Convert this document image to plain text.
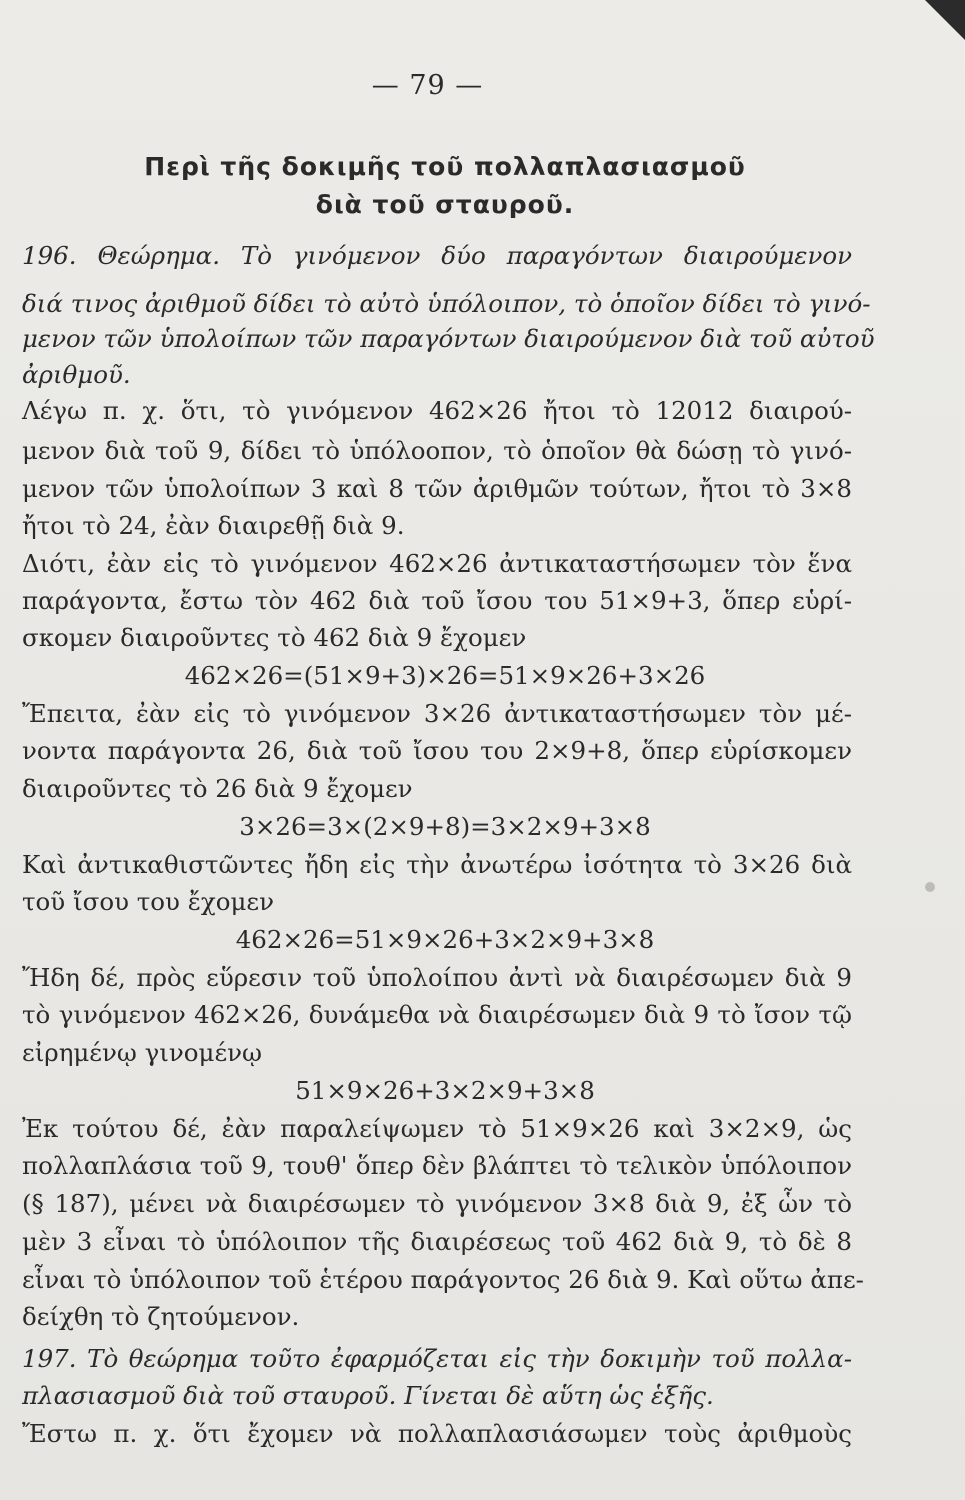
— 79 —
Περὶ τῆς δοκιμῆς τοῦ πολλαπλασιασμοῦ
διὰ τοῦ σταυροῦ.
196. Θεώρημα. Τὸ γινόμενον δύο παραγόντων διαιρούμενον
διά τινος ἀριθμοῦ δίδει τὸ αὐτὸ ὑπόλοιπον, τὸ ὁποῖον δίδει τὸ γινό-
μενον τῶν ὑπολοίπων τῶν παραγόντων διαιρούμενον διὰ τοῦ αὐτοῦ
ἀριθμοῦ.
Λέγω π. χ. ὅτι, τὸ γινόμενον 462×26 ἤτοι τὸ 12012 διαιρού-
μενον διὰ τοῦ 9, δίδει τὸ ὑπόλοοπον, τὸ ὁποῖον θὰ δώσῃ τὸ γινό-
μενον τῶν ὑπολοίπων 3 καὶ 8 τῶν ἀριθμῶν τούτων, ἤτοι τὸ 3×8
ἤτοι τὸ 24, ἐὰν διαιρεθῇ διὰ 9.
Διότι, ἐὰν εἰς τὸ γινόμενον 462×26 ἀντικαταστήσωμεν τὸν ἕνα
παράγοντα, ἔστω τὸν 462 διὰ τοῦ ἴσου του 51×9+3, ὅπερ εὑρί-
σκομεν διαιροῦντες τὸ 462 διὰ 9 ἔχομεν
462×26=(51×9+3)×26=51×9×26+3×26
Ἔπειτα, ἐὰν εἰς τὸ γινόμενον 3×26 ἀντικαταστήσωμεν τὸν μέ-
νοντα παράγοντα 26, διὰ τοῦ ἴσου του 2×9+8, ὅπερ εὑρίσκομεν
διαιροῦντες τὸ 26 διὰ 9 ἔχομεν
3×26=3×(2×9+8)=3×2×9+3×8
Καὶ ἀντικαθιστῶντες ἤδη εἰς τὴν ἀνωτέρω ἰσότητα τὸ 3×26 διὰ
τοῦ ἴσου του ἔχομεν
462×26=51×9×26+3×2×9+3×8
Ἤδη δέ, πρὸς εὕρεσιν τοῦ ὑπολοίπου ἀντὶ νὰ διαιρέσωμεν διὰ 9
τὸ γινόμενον 462×26, δυνάμεθα νὰ διαιρέσωμεν διὰ 9 τὸ ἴσον τῷ
εἰρημένῳ γινομένῳ
51×9×26+3×2×9+3×8
Ἐκ τούτου δέ, ἐὰν παραλείψωμεν τὸ 51×9×26 καὶ 3×2×9, ὡς
πολλαπλάσια τοῦ 9, τουθ' ὅπερ δὲν βλάπτει τὸ τελικὸν ὑπόλοιπον
(§ 187), μένει νὰ διαιρέσωμεν τὸ γινόμενον 3×8 διὰ 9, ἐξ ὧν τὸ
μὲν 3 εἶναι τὸ ὑπόλοιπον τῆς διαιρέσεως τοῦ 462 διὰ 9, τὸ δὲ 8
εἶναι τὸ ὑπόλοιπον τοῦ ἑτέρου παράγοντος 26 διὰ 9. Καὶ οὕτω ἀπε-
δείχθη τὸ ζητούμενον.
197. Τὸ θεώρημα τοῦτο ἐφαρμόζεται εἰς τὴν δοκιμὴν τοῦ πολλα-
πλασιασμοῦ διὰ τοῦ σταυροῦ. Γίνεται δὲ αὕτη ὡς ἑξῆς.
Ἔστω π. χ. ὅτι ἔχομεν νὰ πολλαπλασιάσωμεν τοὺς ἀριθμοὺς
